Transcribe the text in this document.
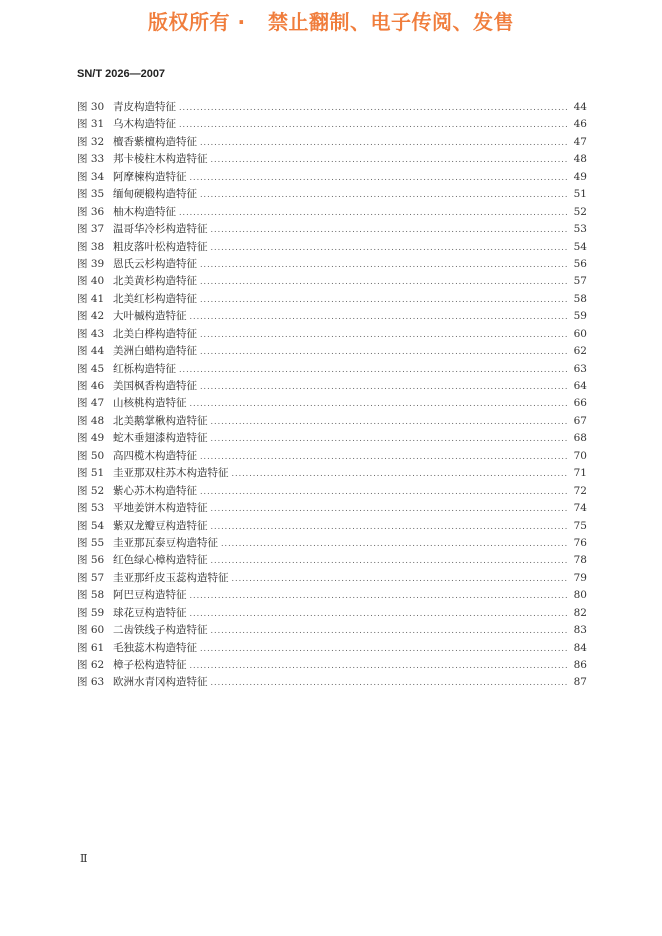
版权所有 ·   禁止翻制、电子传阅、发售
SN/T 2026—2007
图 30 青皮构造特征 .....	44
图 31 乌木构造特征 .....	46
图 32 檀香紫檀构造特征 .....	47
图 33 邦卡棱柱木构造特征 .....	48
图 34 阿摩楝构造特征 .....	49
图 35 缅甸硬椴构造特征 .....	51
图 36 柚木构造特征 .....	52
图 37 温哥华冷杉构造特征 .....	53
图 38 粗皮落叶松构造特征 .....	54
图 39 恩氏云杉构造特征 .....	56
图 40 北美黄杉构造特征 .....	57
图 41 北美红杉构造特征 .....	58
图 42 大叶槭构造特征 .....	59
图 43 北美白桦构造特征 .....	60
图 44 美洲白蜡构造特征 .....	62
图 45 红栎构造特征 .....	63
图 46 美国枫香构造特征 .....	64
图 47 山核桃构造特征 .....	66
图 48 北美鹅掌楸构造特征 .....	67
图 49 蛇木垂翅漆构造特征 .....	68
图 50 高四榄木构造特征 .....	70
图 51 圭亚那双柱苏木构造特征 .....	71
图 52 紫心苏木构造特征 .....	72
图 53 平地姜饼木构造特征 .....	74
图 54 紫双龙瓣豆构造特征 .....	75
图 55 圭亚那瓦泰豆构造特征 .....	76
图 56 红色绿心樟构造特征 .....	78
图 57 圭亚那纤皮玉蕊构造特征 .....	79
图 58 阿巴豆构造特征 .....	80
图 59 球花豆构造特征 .....	82
图 60 二齿铁线子构造特征 .....	83
图 61 毛独蕊木构造特征 .....	84
图 62 樟子松构造特征 .....	86
图 63 欧洲水青冈构造特征 .....	87
Ⅱ
